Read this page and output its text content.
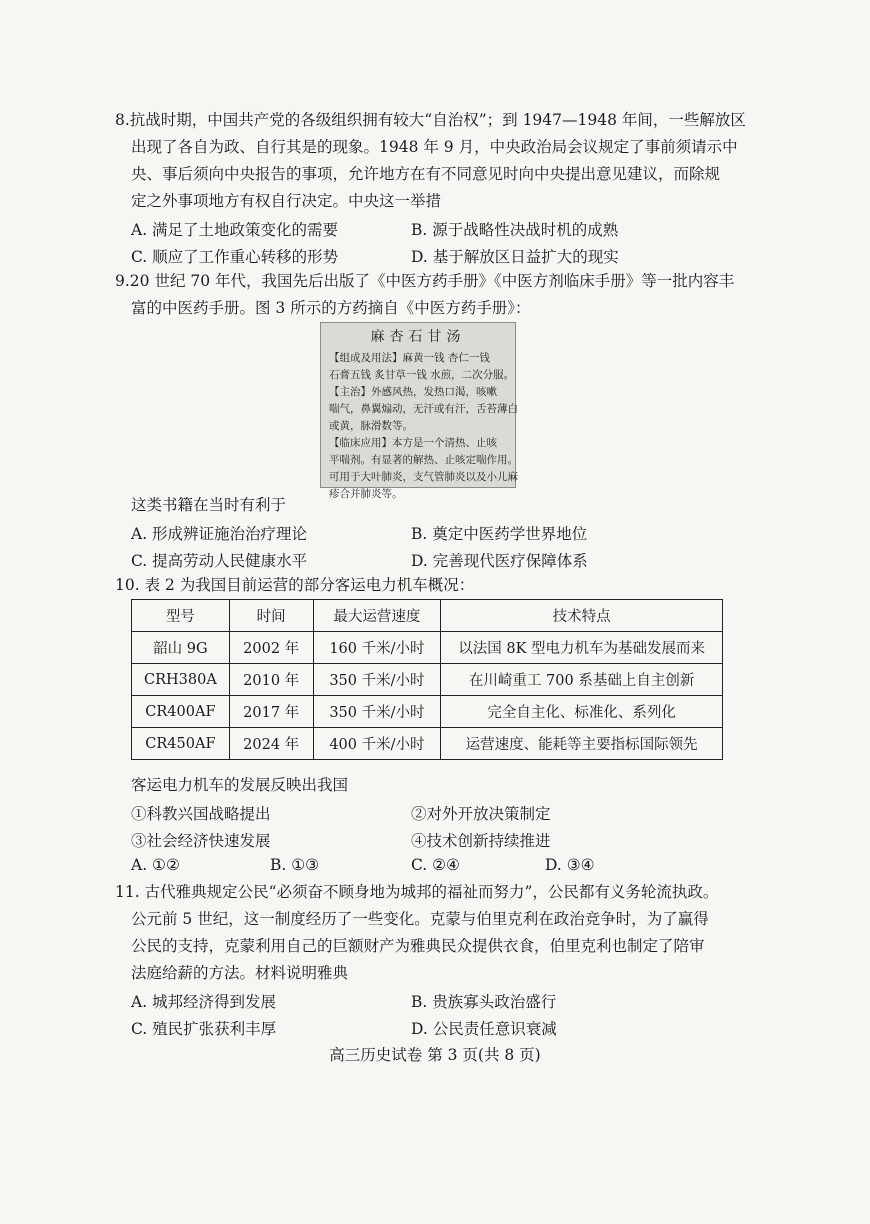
8.抗战时期，中国共产党的各级组织拥有较大“自治权”；到 1947—1948 年间，一些解放区
出现了各自为政、自行其是的现象。1948 年 9 月，中央政治局会议规定了事前须请示中
央、事后须向中央报告的事项，允许地方在有不同意见时向中央提出意见建议，而除规
定之外事项地方有权自行决定。中央这一举措
A. 满足了土地政策变化的需要	B. 源于战略性决战时机的成熟
C. 顺应了工作重心转移的形势	D. 基于解放区日益扩大的现实
9.20 世纪 70 年代，我国先后出版了《中医方药手册》《中医方剂临床手册》等一批内容丰
富的中医药手册。图 3 所示的方药摘自《中医方药手册》：
麻杏石甘汤
【组成及用法】麻黄一钱 杏仁一钱
石膏五钱 炙甘草一钱 水煎，二次分服。
【主治】外感风热，发热口渴，咳嗽
喘气，鼻翼煽动，无汗或有汗，舌苔薄白
或黄，脉滑数等。
【临床应用】本方是一个清热、止咳
平喘剂。有显著的解热、止咳定喘作用。
可用于大叶肺炎，支气管肺炎以及小儿麻
疹合并肺炎等。
这类书籍在当时有利于
A. 形成辨证施治治疗理论	B. 奠定中医药学世界地位
C. 提高劳动人民健康水平	D. 完善现代医疗保障体系
10. 表 2 为我国目前运营的部分客运电力机车概况：
型号	时间	最大运营速度	技术特点
韶山 9G	2002 年	160 千米/小时	以法国 8K 型电力机车为基础发展而来
CRH380A	2010 年	350 千米/小时	在川崎重工 700 系基础上自主创新
CR400AF	2017 年	350 千米/小时	完全自主化、标准化、系列化
CR450AF	2024 年	400 千米/小时	运营速度、能耗等主要指标国际领先
客运电力机车的发展反映出我国
①科教兴国战略提出	②对外开放决策制定
③社会经济快速发展	④技术创新持续推进
A. ①②	B. ①③	C. ②④	D. ③④
11. 古代雅典规定公民“必须奋不顾身地为城邦的福祉而努力”，公民都有义务轮流执政。
公元前 5 世纪，这一制度经历了一些变化。克蒙与伯里克利在政治竞争时，为了赢得
公民的支持，克蒙利用自己的巨额财产为雅典民众提供衣食，伯里克利也制定了陪审
法庭给薪的方法。材料说明雅典
A. 城邦经济得到发展	B. 贵族寡头政治盛行
C. 殖民扩张获利丰厚	D. 公民责任意识衰减
高三历史试卷 第 3 页(共 8 页)
